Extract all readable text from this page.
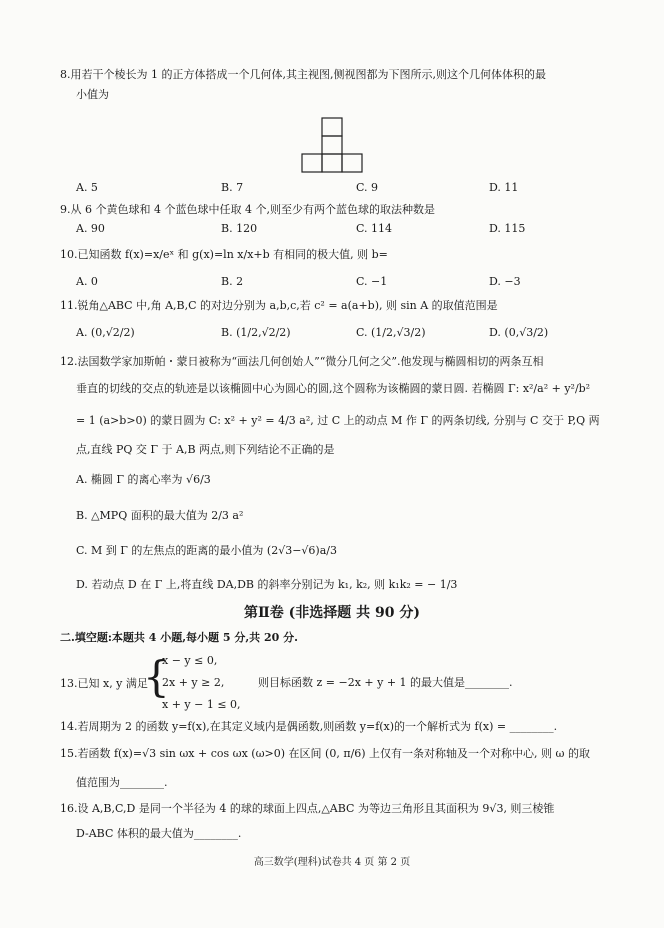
8.用若干个棱长为 1 的正方体搭成一个几何体,其主视图,侧视图都为下图所示,则这个几何体体积的最
小值为
A. 5	B. 7	C. 9	D. 11
9.从 6 个黄色球和 4 个蓝色球中任取 4 个,则至少有两个蓝色球的取法种数是
A. 90	B. 120	C. 114	D. 115
10.已知函数 f(x)=x/eˣ 和 g(x)=ln x/x+b 有相同的极大值, 则 b=
A. 0	B. 2	C. −1	D. −3
11.锐角△ABC 中,角 A,B,C 的对边分别为 a,b,c,若 c² = a(a+b), 则 sin A 的取值范围是
A. (0,√2/2)	B. (1/2,√2/2)	C. (1/2,√3/2)	D. (0,√3/2)
12.法国数学家加斯帕・蒙日被称为“画法几何创始人”“微分几何之父”.他发现与椭圆相切的两条互相
垂直的切线的交点的轨迹是以该椭圆中心为圆心的圆,这个圆称为该椭圆的蒙日圆. 若椭圆 Γ: x²/a² + y²/b²
= 1 (a>b>0) 的蒙日圆为 C: x² + y² = 4/3 a², 过 C 上的动点 M 作 Γ 的两条切线, 分别与 C 交于 P,Q 两
点,直线 PQ 交 Γ 于 A,B 两点,则下列结论不正确的是
A. 椭圆 Γ 的离心率为 √6/3
B. △MPQ 面积的最大值为 2/3 a²
C. M 到 Γ 的左焦点的距离的最小值为 (2√3−√6)a/3
D. 若动点 D 在 Γ 上,将直线 DA,DB 的斜率分别记为 k₁, k₂, 则 k₁k₂ = − 1/3
第Ⅱ卷 (非选择题 共 90 分)
二.填空题:本题共 4 小题,每小题 5 分,共 20 分.
13.已知 x, y 满足
{
x − y ≤ 0,
2x + y ≥ 2,
x + y − 1 ≤ 0,
则目标函数 z = −2x + y + 1 的最大值是________.
14.若周期为 2 的函数 y=f(x),在其定义域内是偶函数,则函数 y=f(x)的一个解析式为 f(x) = ________.
15.若函数 f(x)=√3 sin ωx + cos ωx (ω>0) 在区间 (0, π/6) 上仅有一条对称轴及一个对称中心, 则 ω 的取
值范围为________.
16.设 A,B,C,D 是同一个半径为 4 的球的球面上四点,△ABC 为等边三角形且其面积为 9√3, 则三棱锥
D-ABC 体积的最大值为________.
高三数学(理科)试卷共 4 页 第 2 页
